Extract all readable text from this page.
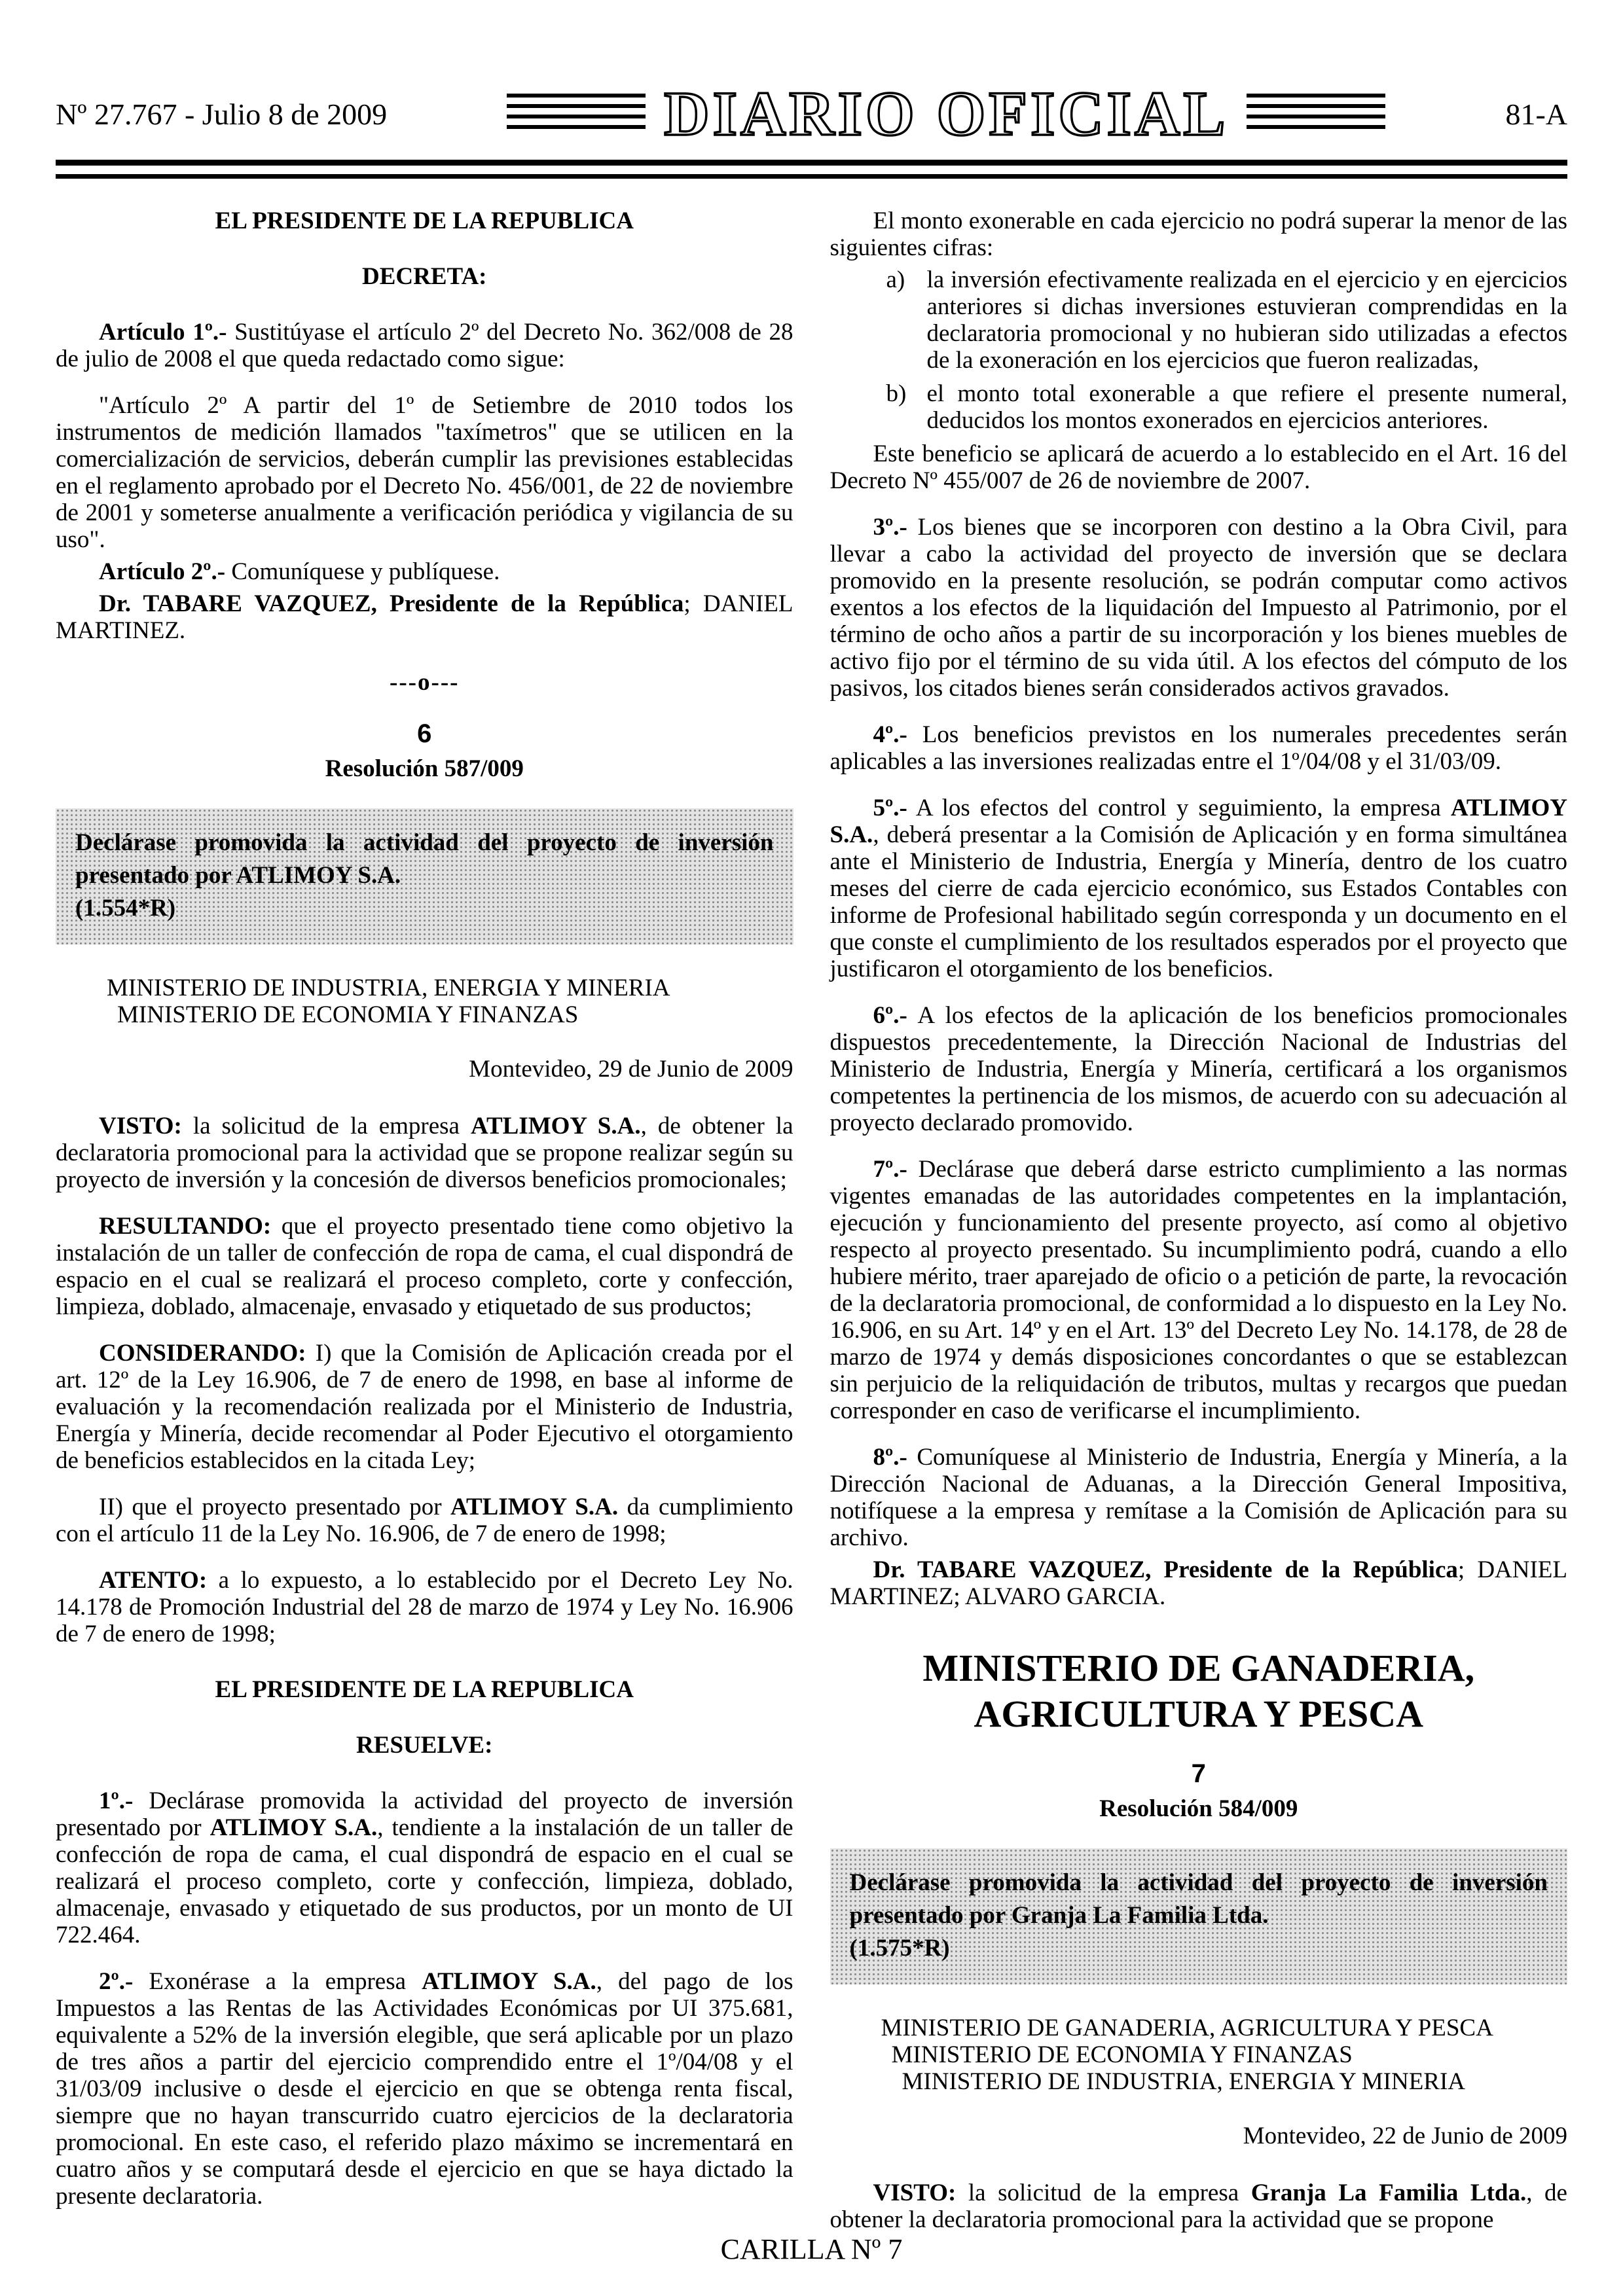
Nº 27.767 - Julio 8 de 2009	DIARIO OFICIAL	81-A
EL PRESIDENTE DE LA REPUBLICA
DECRETA:
Artículo 1º.- Sustitúyase el artículo 2º del Decreto No. 362/008 de 28 de julio de 2008 el que queda redactado como sigue:
"Artículo 2º A partir del 1º de Setiembre de 2010 todos los instrumentos de medición llamados "taxímetros" que se utilicen en la comercialización de servicios, deberán cumplir las previsiones establecidas en el reglamento aprobado por el Decreto No. 456/001, de 22 de noviembre de 2001 y someterse anualmente a verificación periódica y vigilancia de su uso".
Artículo 2º.- Comuníquese y publíquese.
Dr. TABARE VAZQUEZ, Presidente de la República; DANIEL MARTINEZ.
---o---
6
Resolución 587/009
Declárase promovida la actividad del proyecto de inversión presentado por ATLIMOY S.A.
(1.554*R)
MINISTERIO DE INDUSTRIA, ENERGIA Y MINERIA
MINISTERIO DE ECONOMIA Y FINANZAS
Montevideo, 29 de Junio de 2009
VISTO: la solicitud de la empresa ATLIMOY S.A., de obtener la declaratoria promocional para la actividad que se propone realizar según su proyecto de inversión y la concesión de diversos beneficios promocionales;
RESULTANDO: que el proyecto presentado tiene como objetivo la instalación de un taller de confección de ropa de cama, el cual dispondrá de espacio en el cual se realizará el proceso completo, corte y confección, limpieza, doblado, almacenaje, envasado y etiquetado de sus productos;
CONSIDERANDO: I) que la Comisión de Aplicación creada por el art. 12º de la Ley 16.906, de 7 de enero de 1998, en base al informe de evaluación y la recomendación realizada por el Ministerio de Industria, Energía y Minería, decide recomendar al Poder Ejecutivo el otorgamiento de beneficios establecidos en la citada Ley;
II) que el proyecto presentado por ATLIMOY S.A. da cumplimiento con el artículo 11 de la Ley No. 16.906, de 7 de enero de 1998;
ATENTO: a lo expuesto, a lo establecido por el Decreto Ley No. 14.178 de Promoción Industrial del 28 de marzo de 1974 y Ley No. 16.906 de 7 de enero de 1998;
EL PRESIDENTE DE LA REPUBLICA
RESUELVE:
1º.- Declárase promovida la actividad del proyecto de inversión presentado por ATLIMOY S.A., tendiente a la instalación de un taller de confección de ropa de cama, el cual dispondrá de espacio en el cual se realizará el proceso completo, corte y confección, limpieza, doblado, almacenaje, envasado y etiquetado de sus productos, por un monto de UI 722.464.
2º.- Exonérase a la empresa ATLIMOY S.A., del pago de los Impuestos a las Rentas de las Actividades Económicas por UI 375.681, equivalente a 52% de la inversión elegible, que será aplicable por un plazo de tres años a partir del ejercicio comprendido entre el 1º/04/08 y el 31/03/09 inclusive o desde el ejercicio en que se obtenga renta fiscal, siempre que no hayan transcurrido cuatro ejercicios de la declaratoria promocional. En este caso, el referido plazo máximo se incrementará en cuatro años y se computará desde el ejercicio en que se haya dictado la presente declaratoria.
El monto exonerable en cada ejercicio no podrá superar la menor de las siguientes cifras:
a) la inversión efectivamente realizada en el ejercicio y en ejercicios anteriores si dichas inversiones estuvieran comprendidas en la declaratoria promocional y no hubieran sido utilizadas a efectos de la exoneración en los ejercicios que fueron realizadas,
b) el monto total exonerable a que refiere el presente numeral, deducidos los montos exonerados en ejercicios anteriores.
Este beneficio se aplicará de acuerdo a lo establecido en el Art. 16 del Decreto Nº 455/007 de 26 de noviembre de 2007.
3º.- Los bienes que se incorporen con destino a la Obra Civil, para llevar a cabo la actividad del proyecto de inversión que se declara promovido en la presente resolución, se podrán computar como activos exentos a los efectos de la liquidación del Impuesto al Patrimonio, por el término de ocho años a partir de su incorporación y los bienes muebles de activo fijo por el término de su vida útil. A los efectos del cómputo de los pasivos, los citados bienes serán considerados activos gravados.
4º.- Los beneficios previstos en los numerales precedentes serán aplicables a las inversiones realizadas entre el 1º/04/08 y el 31/03/09.
5º.- A los efectos del control y seguimiento, la empresa ATLIMOY S.A., deberá presentar a la Comisión de Aplicación y en forma simultánea ante el Ministerio de Industria, Energía y Minería, dentro de los cuatro meses del cierre de cada ejercicio económico, sus Estados Contables con informe de Profesional habilitado según corresponda y un documento en el que conste el cumplimiento de los resultados esperados por el proyecto que justificaron el otorgamiento de los beneficios.
6º.- A los efectos de la aplicación de los beneficios promocionales dispuestos precedentemente, la Dirección Nacional de Industrias del Ministerio de Industria, Energía y Minería, certificará a los organismos competentes la pertinencia de los mismos, de acuerdo con su adecuación al proyecto declarado promovido.
7º.- Declárase que deberá darse estricto cumplimiento a las normas vigentes emanadas de las autoridades competentes en la implantación, ejecución y funcionamiento del presente proyecto, así como al objetivo respecto al proyecto presentado. Su incumplimiento podrá, cuando a ello hubiere mérito, traer aparejado de oficio o a petición de parte, la revocación de la declaratoria promocional, de conformidad a lo dispuesto en la Ley No. 16.906, en su Art. 14º y en el Art. 13º del Decreto Ley No. 14.178, de 28 de marzo de 1974 y demás disposiciones concordantes o que se establezcan sin perjuicio de la reliquidación de tributos, multas y recargos que puedan corresponder en caso de verificarse el incumplimiento.
8º.- Comuníquese al Ministerio de Industria, Energía y Minería, a la Dirección Nacional de Aduanas, a la Dirección General Impositiva, notifíquese a la empresa y remítase a la Comisión de Aplicación para su archivo.
Dr. TABARE VAZQUEZ, Presidente de la República; DANIEL MARTINEZ; ALVARO GARCIA.
MINISTERIO DE GANADERIA, AGRICULTURA Y PESCA
7
Resolución 584/009
Declárase promovida la actividad del proyecto de inversión presentado por Granja La Familia Ltda.
(1.575*R)
MINISTERIO DE GANADERIA, AGRICULTURA Y PESCA
MINISTERIO DE ECONOMIA Y FINANZAS
MINISTERIO DE INDUSTRIA, ENERGIA Y MINERIA
Montevideo, 22 de Junio de 2009
VISTO: la solicitud de la empresa Granja La Familia Ltda., de obtener la declaratoria promocional para la actividad que se propone
CARILLA Nº 7
